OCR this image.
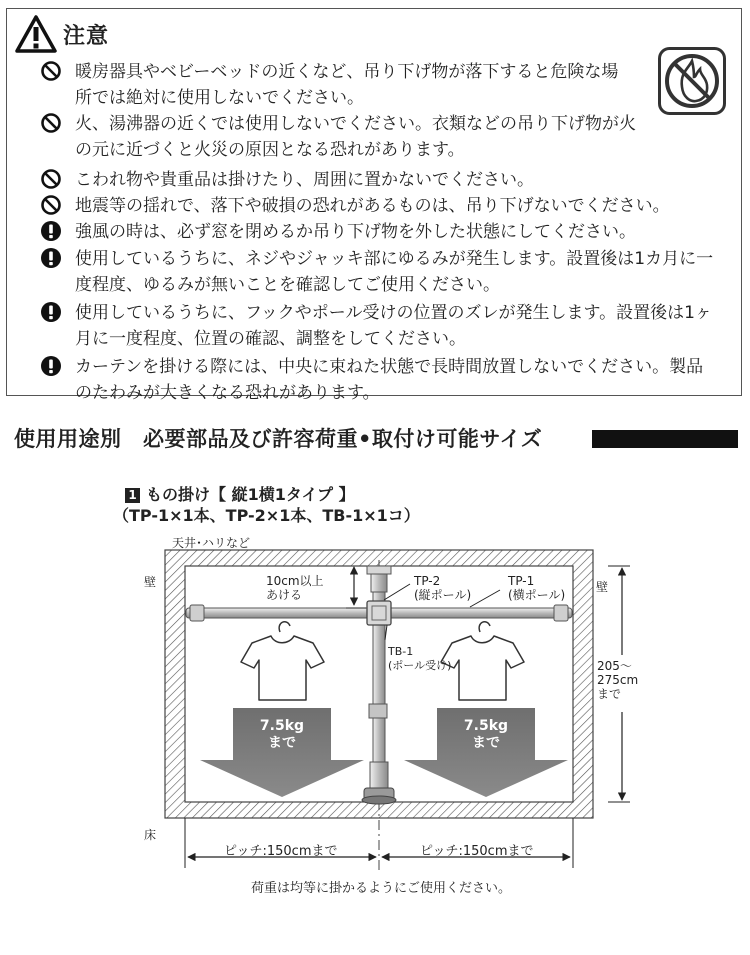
注意
暖房器具やベビーベッドの近くなど、吊り下げ物が落下すると危険な場
所では絶対に使用しないでください。
火、湯沸器の近くでは使用しないでください。衣類などの吊り下げ物が火
の元に近づくと火災の原因となる恐れがあります。
こわれ物や貴重品は掛けたり、周囲に置かないでください。
地震等の揺れで、落下や破損の恐れがあるものは、吊り下げないでください。
強風の時は、必ず窓を閉めるか吊り下げ物を外した状態にしてください。
使用しているうちに、ネジやジャッキ部にゆるみが発生します。設置後は1カ月に一
度程度、ゆるみが無いことを確認してご使用ください。
使用しているうちに、フックやポール受けの位置のズレが発生します。設置後は1ヶ
月に一度程度、位置の確認、調整をしてください。
カーテンを掛ける際には、中央に束ねた状態で長時間放置しないでください。製品
のたわみが大きくなる恐れがあります。
使用用途別　必要部品及び許容荷重•取付け可能サイズ
1 もの掛け【 縦1横1タイプ 】
（TP-1×1本、TP-2×1本、TB-1×1コ）
天井･ハリなど
壁	壁
床
10cm以上
あける
TP-2
(縦ポール)
TP-1
(横ポール)
TB-1
(ポール受け)	205～
275cm
まで
7.5kg
まで
7.5kg
まで
ピッチ:150cmまで	ピッチ:150cmまで
荷重は均等に掛かるようにご使用ください。
